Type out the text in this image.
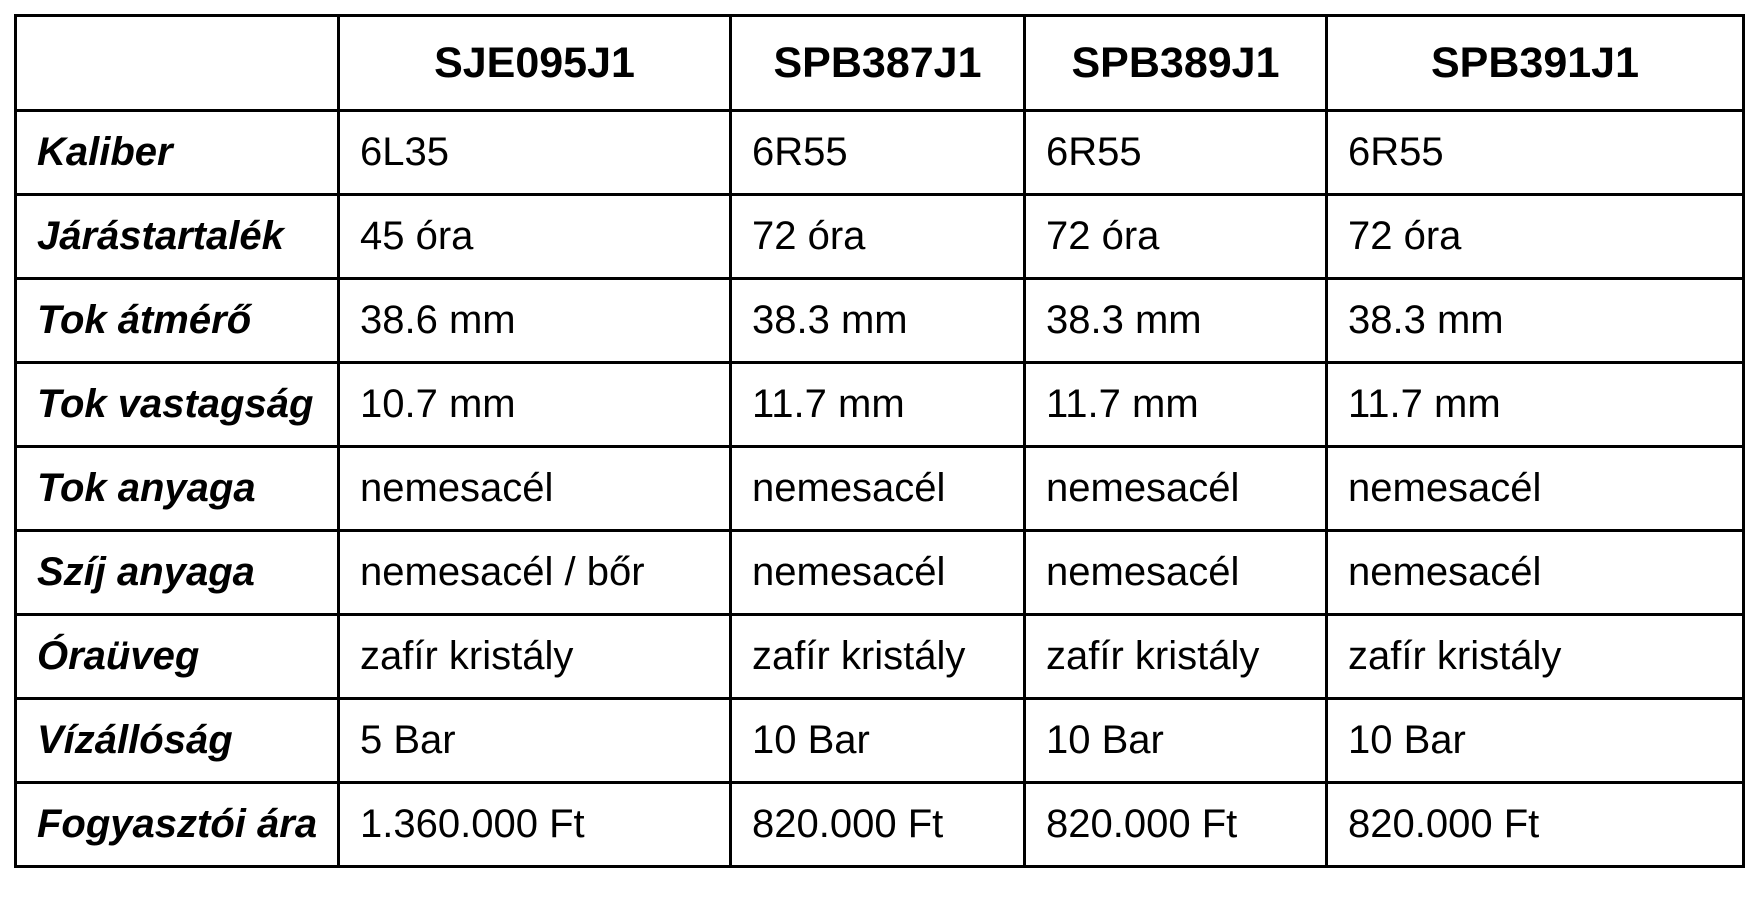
	SJE095J1	SPB387J1	SPB389J1	SPB391J1
Kaliber	6L35	6R55	6R55	6R55
Járástartalék	45 óra	72 óra	72 óra	72 óra
Tok átmérő	38.6 mm	38.3 mm	38.3 mm	38.3 mm
Tok vastagság	10.7 mm	11.7 mm	11.7 mm	11.7 mm
Tok anyaga	nemesacél	nemesacél	nemesacél	nemesacél
Szíj anyaga	nemesacél / bőr	nemesacél	nemesacél	nemesacél
Óraüveg	zafír kristály	zafír kristály	zafír kristály	zafír kristály
Vízállóság	5 Bar	10 Bar	10 Bar	10 Bar
Fogyasztói ára	1.360.000 Ft	820.000 Ft	820.000 Ft	820.000 Ft
